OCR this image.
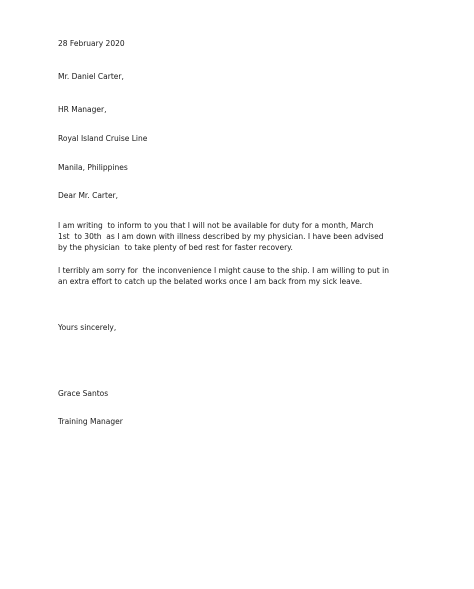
28 February 2020
Mr. Daniel Carter,
HR Manager,
Royal Island Cruise Line
Manila, Philippines
Dear Mr. Carter,
I am writing  to inform to you that I will not be available for duty for a month, March
1st  to 30th  as I am down with illness described by my physician. I have been advised
by the physician  to take plenty of bed rest for faster recovery.
I terribly am sorry for  the inconvenience I might cause to the ship. I am willing to put in
an extra effort to catch up the belated works once I am back from my sick leave.
Yours sincerely,
Grace Santos
Training Manager
